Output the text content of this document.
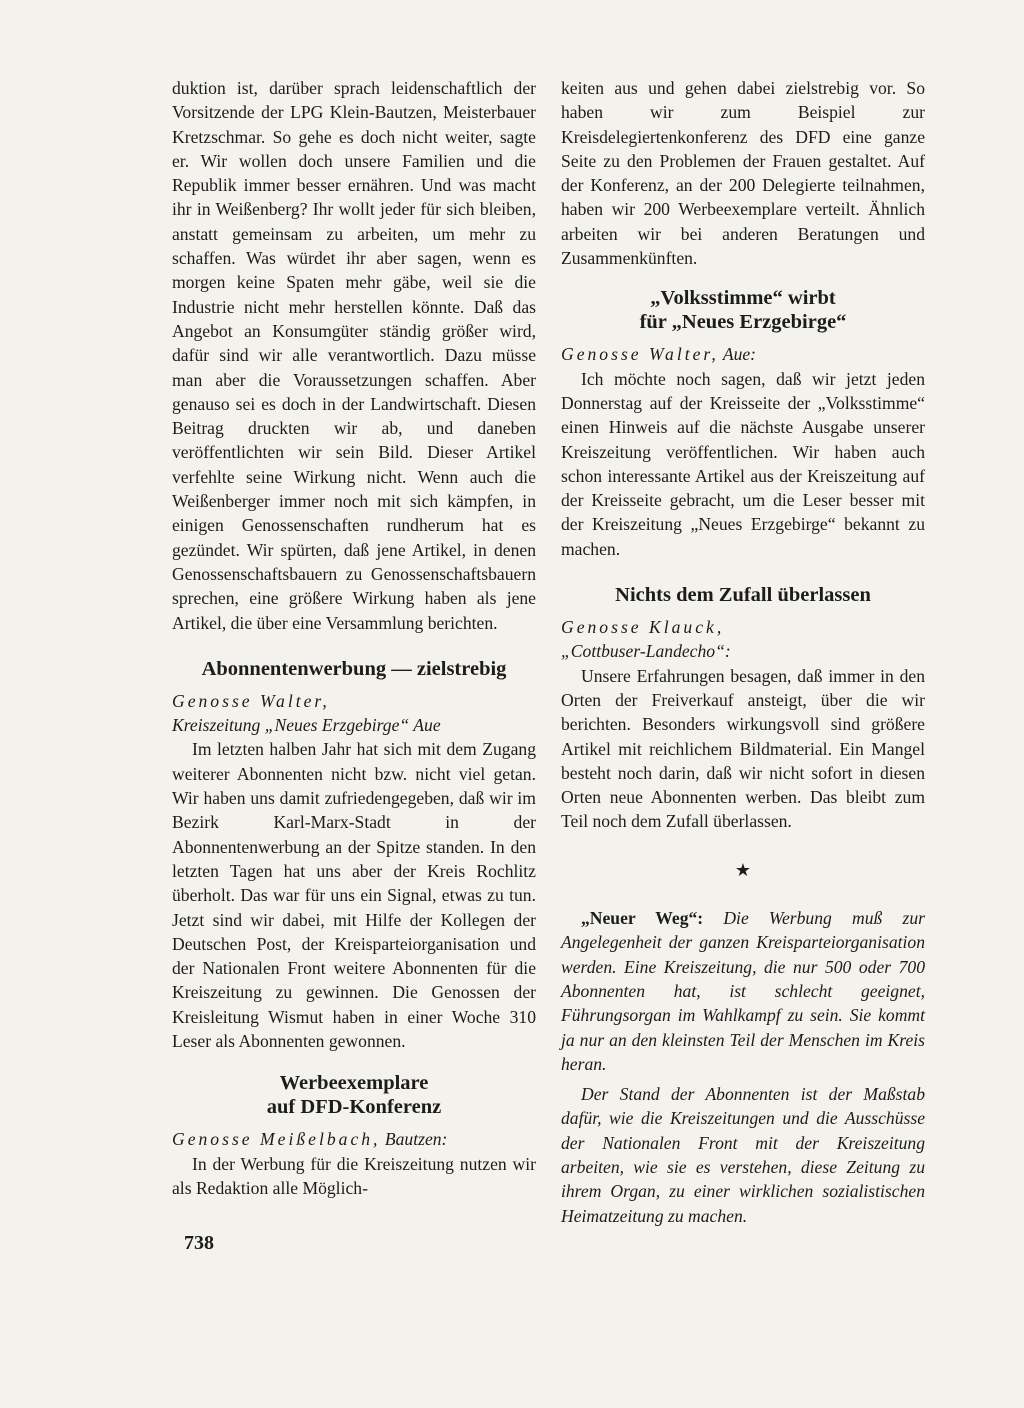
duktion ist, darüber sprach leidenschaftlich der Vorsitzende der LPG Klein-Bautzen, Meisterbauer Kretzschmar. So gehe es doch nicht weiter, sagte er. Wir wollen doch unsere Familien und die Republik immer besser ernähren. Und was macht ihr in Weißenberg? Ihr wollt jeder für sich bleiben, anstatt gemeinsam zu arbeiten, um mehr zu schaffen. Was würdet ihr aber sagen, wenn es morgen keine Spaten mehr gäbe, weil sie die Industrie nicht mehr herstellen könnte. Daß das Angebot an Konsumgüter ständig größer wird, dafür sind wir alle verantwortlich. Dazu müsse man aber die Voraussetzungen schaffen. Aber genauso sei es doch in der Landwirtschaft. Diesen Beitrag druckten wir ab, und daneben veröffentlichten wir sein Bild. Dieser Artikel verfehlte seine Wirkung nicht. Wenn auch die Weißenberger immer noch mit sich kämpfen, in einigen Genossenschaften rundherum hat es gezündet. Wir spürten, daß jene Artikel, in denen Genossenschaftsbauern zu Genossenschaftsbauern sprechen, eine größere Wirkung haben als jene Artikel, die über eine Versammlung berichten.

Abonnentenwerbung — zielstrebig

Genosse Walter,

Kreiszeitung „Neues Erzgebirge“ Aue

Im letzten halben Jahr hat sich mit dem Zugang weiterer Abonnenten nicht bzw. nicht viel getan. Wir haben uns damit zufriedengegeben, daß wir im Bezirk Karl-Marx-Stadt in der Abonnentenwerbung an der Spitze standen. In den letzten Tagen hat uns aber der Kreis Rochlitz überholt. Das war für uns ein Signal, etwas zu tun. Jetzt sind wir dabei, mit Hilfe der Kollegen der Deutschen Post, der Kreisparteiorganisation und der Nationalen Front weitere Abonnenten für die Kreiszeitung zu gewinnen. Die Genossen der Kreisleitung Wismut haben in einer Woche 310 Leser als Abonnenten gewonnen.

Werbeexemplare
auf DFD-Konferenz

Genosse Meißelbach, Bautzen:

In der Werbung für die Kreiszeitung nutzen wir als Redaktion alle Möglich-

keiten aus und gehen dabei zielstrebig vor. So haben wir zum Beispiel zur Kreisdelegiertenkonferenz des DFD eine ganze Seite zu den Problemen der Frauen gestaltet. Auf der Konferenz, an der 200 Delegierte teilnahmen, haben wir 200 Werbeexemplare verteilt. Ähnlich arbeiten wir bei anderen Beratungen und Zusammenkünften.

„Volksstimme“ wirbt
für „Neues Erzgebirge“

Genosse Walter, Aue:

Ich möchte noch sagen, daß wir jetzt jeden Donnerstag auf der Kreisseite der „Volksstimme“ einen Hinweis auf die nächste Ausgabe unserer Kreiszeitung veröffentlichen. Wir haben auch schon interessante Artikel aus der Kreiszeitung auf der Kreisseite gebracht, um die Leser besser mit der Kreiszeitung „Neues Erzgebirge“ bekannt zu machen.

Nichts dem Zufall überlassen

Genosse Klauck,

„Cottbuser-Landecho“:

Unsere Erfahrungen besagen, daß immer in den Orten der Freiverkauf ansteigt, über die wir berichten. Besonders wirkungsvoll sind größere Artikel mit reichlichem Bildmaterial. Ein Mangel besteht noch darin, daß wir nicht sofort in diesen Orten neue Abonnenten werben. Das bleibt zum Teil noch dem Zufall überlassen.

★

„Neuer Weg“: Die Werbung muß zur Angelegenheit der ganzen Kreisparteiorganisation werden. Eine Kreiszeitung, die nur 500 oder 700 Abonnenten hat, ist schlecht geeignet, Führungsorgan im Wahlkampf zu sein. Sie kommt ja nur an den kleinsten Teil der Menschen im Kreis heran.

Der Stand der Abonnenten ist der Maßstab dafür, wie die Kreiszeitungen und die Ausschüsse der Nationalen Front mit der Kreiszeitung arbeiten, wie sie es verstehen, diese Zeitung zu ihrem Organ, zu einer wirklichen sozialistischen Heimatzeitung zu machen.

738
